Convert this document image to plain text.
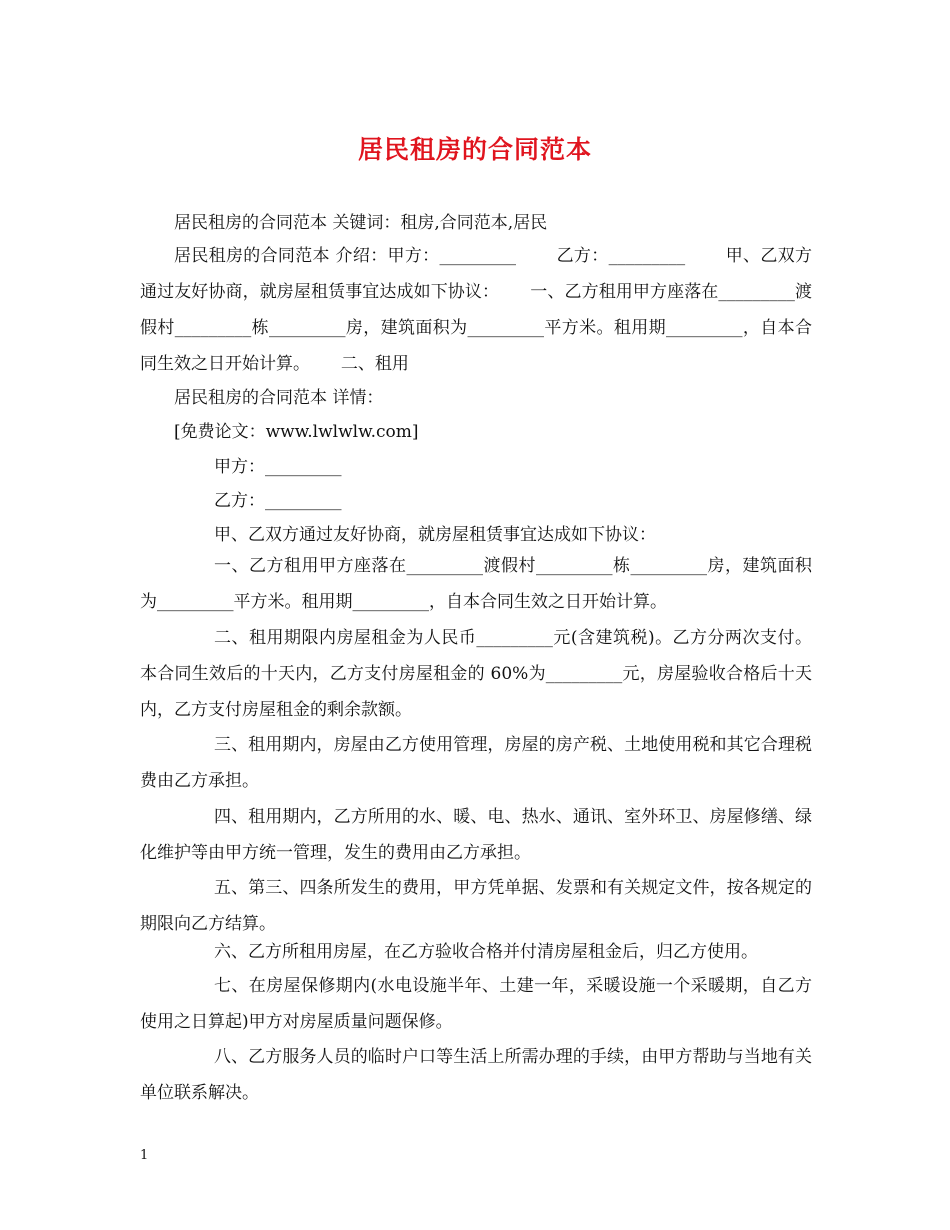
居民租房的合同范本

居民租房的合同范本 关键词：租房,合同范本,居民

居民租房的合同范本 介绍：甲方：_________　　 乙方：_________　　 甲、乙双方通过友好协商，就房屋租赁事宜达成如下协议：　　 一、乙方租用甲方座落在_________渡假村_________栋_________房，建筑面积为_________平方米。租用期_________，自本合同生效之日开始计算。　　 二、租用

居民租房的合同范本 详情：

[免费论文：www.lwlwlw.com]

甲方：_________

乙方：_________

甲、乙双方通过友好协商，就房屋租赁事宜达成如下协议：

一、乙方租用甲方座落在_________渡假村_________栋_________房，建筑面积为_________平方米。租用期_________，自本合同生效之日开始计算。

二、租用期限内房屋租金为人民币_________元(含建筑税)。乙方分两次支付。本合同生效后的十天内，乙方支付房屋租金的 60%为_________元，房屋验收合格后十天内，乙方支付房屋租金的剩余款额。

三、租用期内，房屋由乙方使用管理，房屋的房产税、土地使用税和其它合理税费由乙方承担。

四、租用期内，乙方所用的水、暖、电、热水、通讯、室外环卫、房屋修缮、绿化维护等由甲方统一管理，发生的费用由乙方承担。

五、第三、四条所发生的费用，甲方凭单据、发票和有关规定文件，按各规定的期限向乙方结算。

六、乙方所租用房屋，在乙方验收合格并付清房屋租金后，归乙方使用。

七、在房屋保修期内(水电设施半年、土建一年，采暖设施一个采暖期，自乙方使用之日算起)甲方对房屋质量问题保修。

八、乙方服务人员的临时户口等生活上所需办理的手续，由甲方帮助与当地有关单位联系解决。

1
